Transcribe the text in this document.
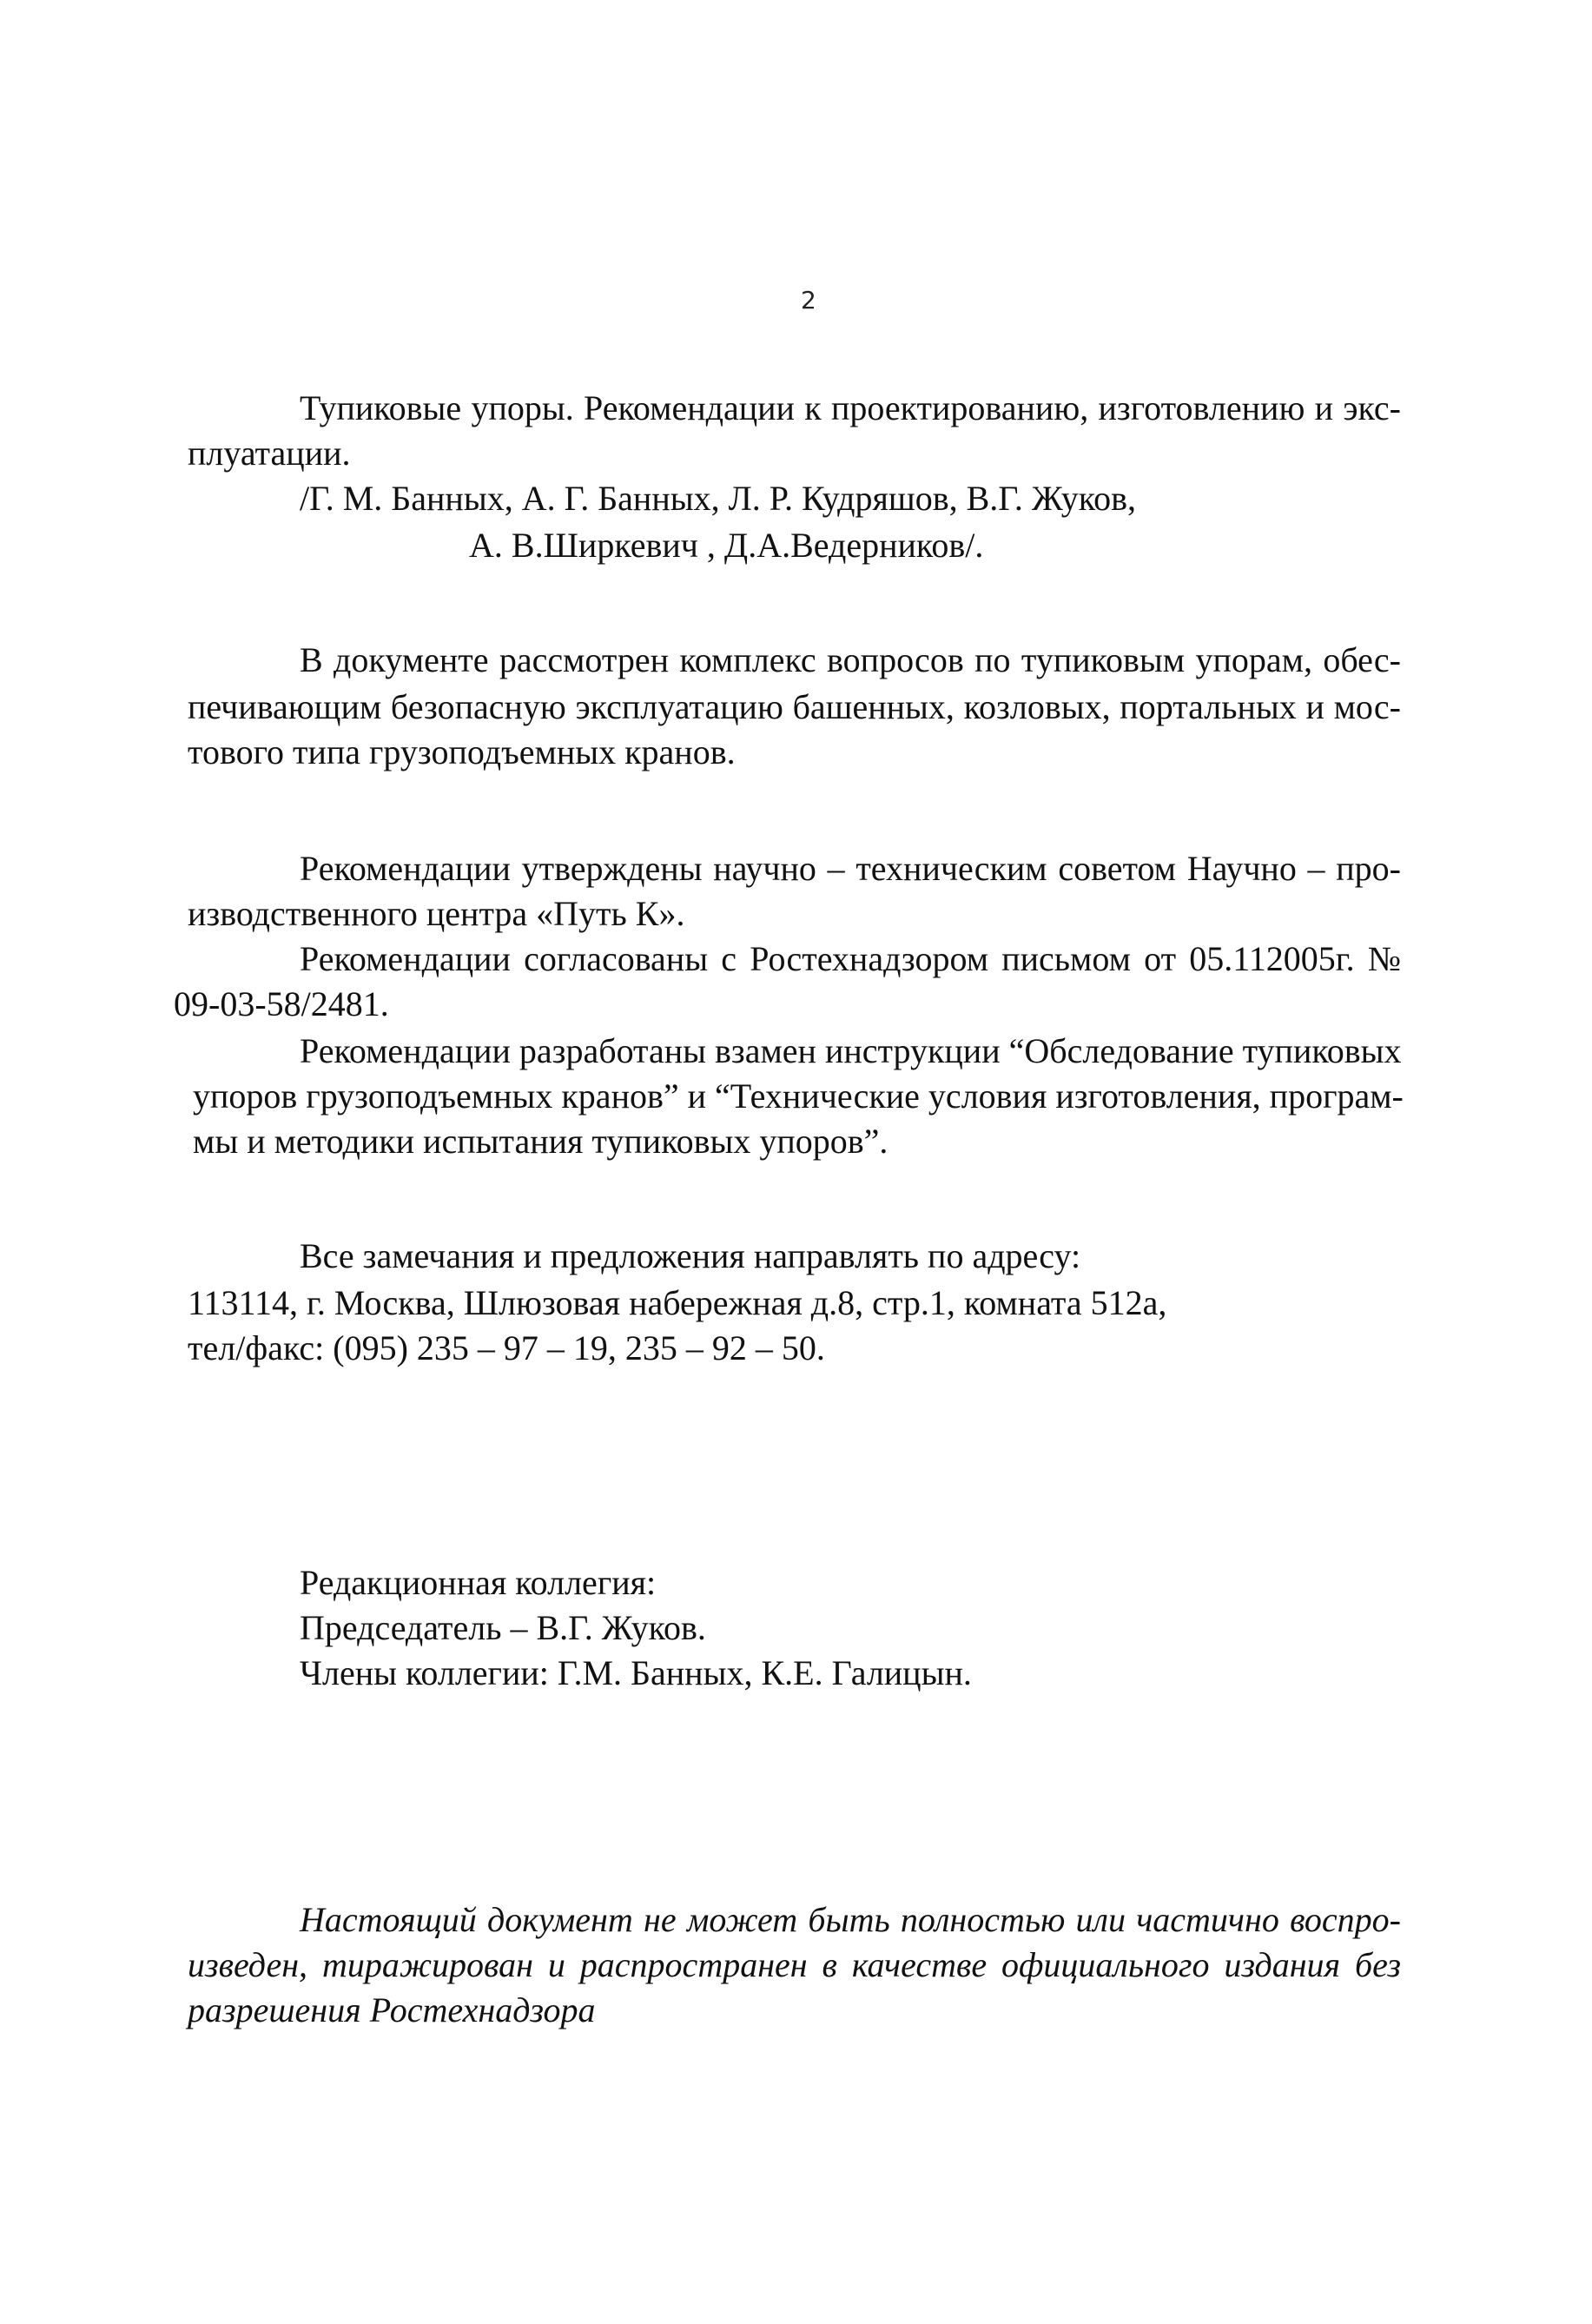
2

Тупиковые упоры. Рекомендации к проектированию, изготовлению и экс-

плуатации.

/Г. М. Банных, А. Г. Банных, Л. Р. Кудряшов, В.Г. Жуков,

А. В.Ширкевич , Д.А.Ведерников/.

В документе рассмотрен комплекс вопросов по тупиковым упорам, обес-

печивающим безопасную эксплуатацию башенных, козловых, портальных и мос-

тового типа грузоподъемных кранов.

Рекомендации утверждены научно – техническим советом Научно – про-

изводственного центра «Путь К».

Рекомендации согласованы с Ростехнадзором письмом от 05.112005г. №

09-03-58/2481.

Рекомендации разработаны взамен инструкции “Обследование тупиковых

упоров грузоподъемных кранов” и “Технические условия изготовления, програм-

мы и методики испытания тупиковых упоров”.

Все замечания и предложения направлять по адресу:

113114, г. Москва, Шлюзовая набережная д.8, стр.1, комната 512а,

тел/факс: (095) 235 – 97 – 19, 235 – 92 – 50.

Редакционная коллегия:

Председатель – В.Г. Жуков.

Члены коллегии: Г.М. Банных, К.Е. Галицын.

Настоящий документ не может быть полностью или частично воспро-

изведен, тиражирован и распространен в качестве официального издания без

разрешения Ростехнадзора
